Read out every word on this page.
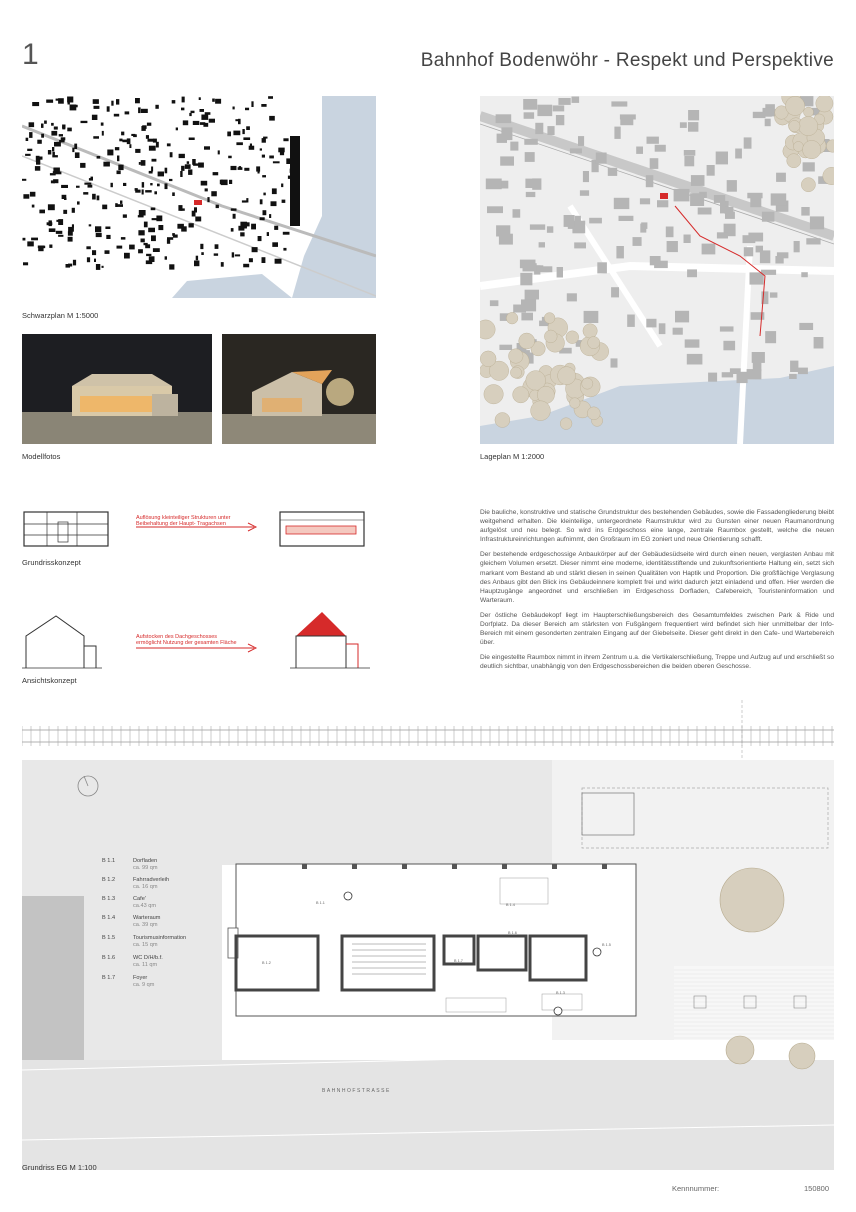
1	Bahnhof Bodenwöhr - Respekt und Perspektive
Schwarzplan M 1:5000
Modellfotos	Lageplan M 1:2000
Auflösung kleinteiliger Strukturen unter
Beibehaltung der Haupt- Tragachsen
Grundrisskonzept
Aufstocken des Dachgeschosses
ermöglicht Nutzung der gesamten Fläche
Ansichtskonzept

Die bauliche, konstruktive und statische Grundstruktur des bestehenden Gebäudes, sowie die Fassadengliederung bleibt weitgehend erhalten. Die kleinteilige, untergeordnete Raumstruktur wird zu Gunsten einer neuen Raumanordnung aufgelöst und neu belegt. So wird ins Erdgeschoss eine lange, zentrale Raumbox gestellt, welche die neuen Infrastruktureinrichtungen aufnimmt, den Großraum im EG zoniert und neue Orientierung schafft.

Der bestehende erdgeschossige Anbaukörper auf der Gebäudesüdseite wird durch einen neuen, verglasten Anbau mit gleichem Volumen ersetzt. Dieser nimmt eine moderne, identitätsstiftende und zukunftsorientierte Haltung ein, setzt sich markant vom Bestand ab und stärkt diesen in seinen Qualitäten von Haptik und Proportion. Die großflächige Verglasung des Anbaus gibt den Blick ins Gebäudeinnere komplett frei und wirkt dadurch jetzt einladend und offen. Hier werden die Hauptzugänge angeordnet und erschließen im Erdgeschoss Dorfladen, Cafebereich, Touristeninformation und Warteraum.

Der östliche Gebäudekopf liegt im Haupterschließungsbereich des Gesamtumfeldes zwischen Park & Ride und Dorfplatz. Da dieser Bereich am stärksten von Fußgängern frequentiert wird befindet sich hier unmittelbar der Info-Bereich mit einem gesonderten zentralen Eingang auf der Giebelseite. Dieser geht direkt in den Cafe- und Wartebereich über.

Die eingestellte Raumbox nimmt in ihrem Zentrum u.a. die Vertikalerschließung, Treppe und Aufzug auf und erschließt so deutlich sichtbar, unabhängig von den Erdgeschossbereichen die beiden oberen Geschosse.

BAHNHOFSTRASSE
B 1.1
B 1.2
B 1.4
B 1.5
B 1.6
B 1.7
B 1.3
B 1.1	Dorfladen
ca. 99 qm
B 1.2	Fahrradverleih
ca. 16 qm
B 1.3	Cafe'
ca.43 qm
B 1.4	Warteraum
ca. 39 qm
B 1.5	Tourismusinformation
ca. 15 qm
B 1.6	WC D/H/b.f.
ca. 11 qm
B 1.7	Foyer
ca. 9 qm
Grundriss EG M 1:100
Kennnummer:	150800
